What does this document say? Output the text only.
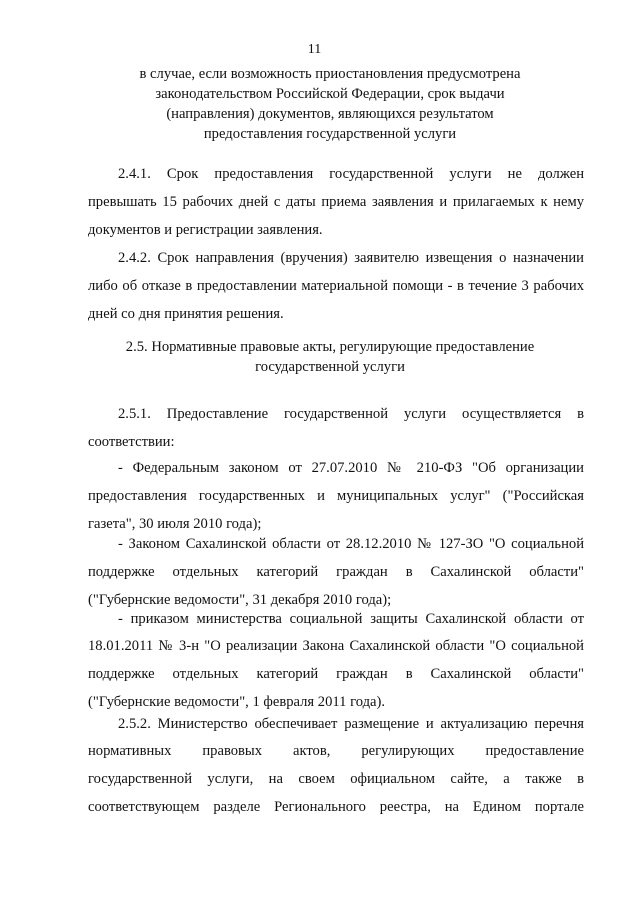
11
в случае, если возможность приостановления предусмотрена
законодательством Российской Федерации, срок выдачи
(направления) документов, являющихся результатом
предоставления государственной услуги
2.4.1. Срок предоставления государственной услуги не должен
превышать 15 рабочих дней с даты приема заявления и прилагаемых к нему
документов и регистрации заявления.
2.4.2. Срок направления (вручения) заявителю извещения о назначении
либо об отказе в предоставлении материальной помощи - в течение 3 рабочих
дней со дня принятия решения.
2.5. Нормативные правовые акты, регулирующие предоставление
государственной услуги
2.5.1. Предоставление государственной услуги осуществляется в
соответствии:
- Федеральным законом от 27.07.2010 № 210-ФЗ "Об организации
предоставления государственных и муниципальных услуг" ("Российская
газета", 30 июля 2010 года);
- Законом Сахалинской области от 28.12.2010 № 127-ЗО "О социальной
поддержке отдельных категорий граждан в Сахалинской области"
("Губернские ведомости", 31 декабря 2010 года);
- приказом министерства социальной защиты Сахалинской области от
18.01.2011 № 3-н "О реализации Закона Сахалинской области "О социальной
поддержке отдельных категорий граждан в Сахалинской области"
("Губернские ведомости", 1 февраля 2011 года).
2.5.2. Министерство обеспечивает размещение и актуализацию перечня
нормативных правовых актов, регулирующих предоставление
государственной услуги, на своем официальном сайте, а также в
соответствующем разделе Регионального реестра, на Едином портале
